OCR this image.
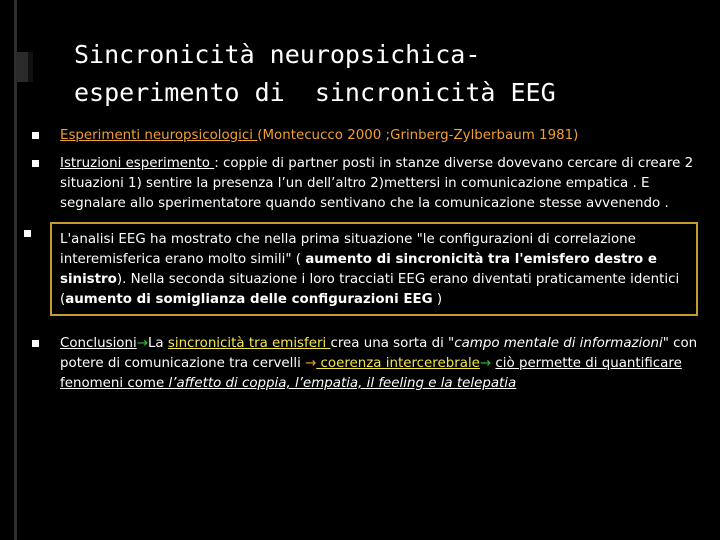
Sincronicità neuropsichica-
esperimento di  sincronicità EEG
Esperimenti neuropsicologici (Montecucco 2000 ;Grinberg-Zylberbaum 1981)
Istruzioni esperimento : coppie di partner posti in stanze diverse dovevano cercare di creare 2 situazioni 1) sentire la presenza l’un dell’altro 2)mettersi in comunicazione empatica . E segnalare allo sperimentatore quando sentivano che la comunicazione stesse avvenendo .
L'analisi EEG ha mostrato che nella prima situazione "le configurazioni di correlazione interemisferica erano molto simili" ( aumento di sincronicità tra l'emisfero destro e sinistro). Nella seconda situazione i loro tracciati EEG erano diventati praticamente identici (aumento di somiglianza delle configurazioni EEG )
Conclusioni→La sincronicità tra emisferi crea una sorta di "campo mentale di informazioni" con potere di comunicazione tra cervelli → coerenza intercerebrale→ ciò permette di quantificare fenomeni come l’affetto di coppia, l’empatia, il feeling e la telepatia
